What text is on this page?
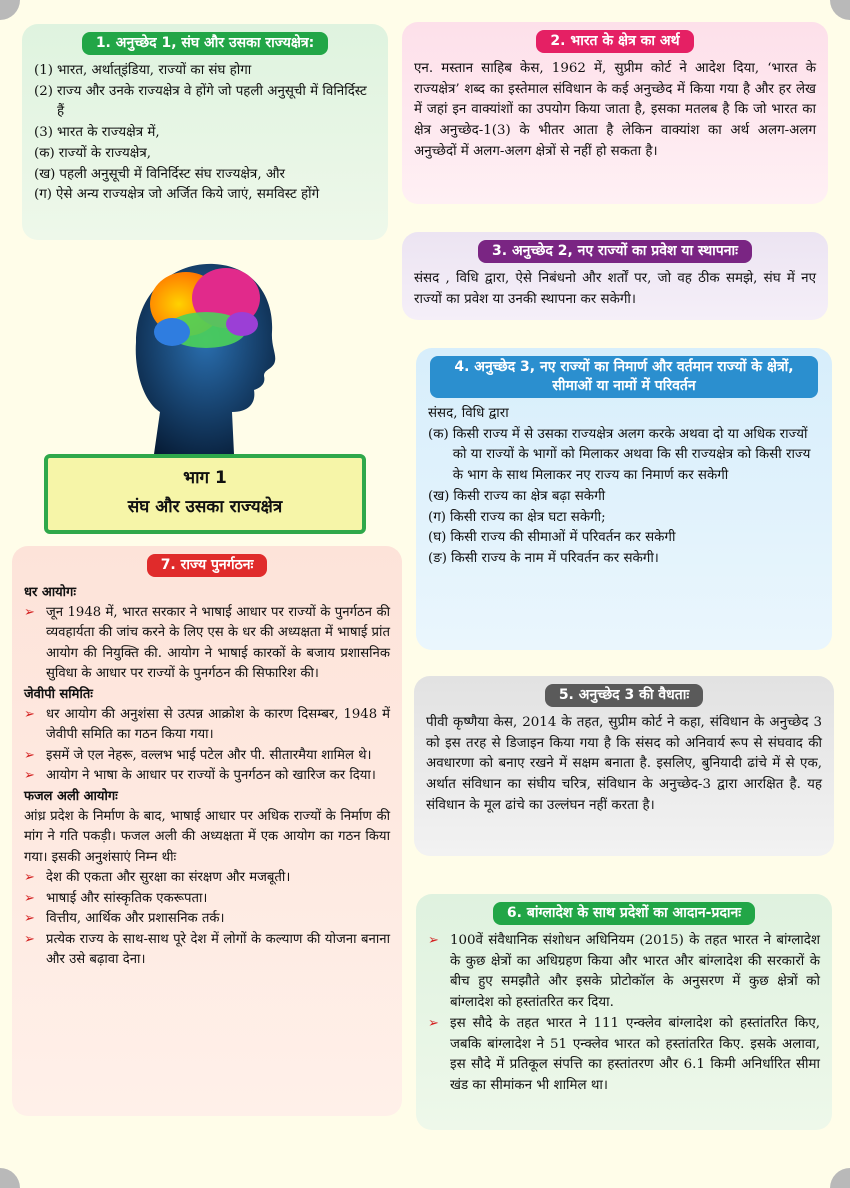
1. अनुच्छेद 1, संघ और उसका राज्यक्षेत्र:
(1) भारत, अर्थात्‌इंडिया, राज्यों का संघ होगा
(2) राज्य और उनके राज्यक्षेत्र वे होंगे जो पहली अनुसूची में विनिर्दिस्ट हैं
(3) भारत के राज्यक्षेत्र में,
(क) राज्यों के राज्यक्षेत्र,
(ख) पहली अनुसूची में विनिर्दिस्ट संघ राज्यक्षेत्र, और
(ग) ऐसे अन्य राज्यक्षेत्र जो अर्जित किये जाएं, समविस्ट होंगे
2. भारत के क्षेत्र का अर्थ

एन. मस्तान साहिब केस, 1962 में, सुप्रीम कोर्ट ने आदेश दिया, ‘भारत के राज्यक्षेत्र’ शब्द का इस्तेमाल संविधान के कई अनुच्छेद में किया गया है और हर लेख में जहां इन वाक्यांशों का उपयोग किया जाता है, इसका मतलब है कि जो भारत का क्षेत्र अनुच्छेद-1(3) के भीतर आता है लेकिन वाक्यांश का अर्थ अलग-अलग अनुच्छेदों में अलग-अलग क्षेत्रों से नहीं हो सकता है।

3. अनुच्छेद 2, नए राज्यों का प्रवेश या स्थापनाः

संसद , विधि द्वारा, ऐसे निबंधनो और शर्तों पर, जो वह ठीक समझे, संघ में नए राज्यों का प्रवेश या उनकी स्थापना कर सकेगी।

भाग 1
संघ और उसका राज्यक्षेत्र
4. अनुच्छेद 3, नए राज्यों का निमार्ण और वर्तमान राज्यों के क्षेत्रों, सीमाओं या नामों में परिवर्तन
संसद, विधि द्वारा
(क) किसी राज्य में से उसका राज्यक्षेत्र अलग करके अथवा दो या अधिक राज्यों को या राज्यों के भागों को मिलाकर अथवा कि सी राज्यक्षेत्र को किसी राज्य के भाग के साथ मिलाकर नए राज्य का निमार्ण कर सकेगी
(ख) किसी राज्य का क्षेत्र बढ़ा सकेगी
(ग) किसी राज्य का क्षेत्र घटा सकेगी;
(घ) किसी राज्य की सीमाओं में परिवर्तन कर सकेगी
(ङ) किसी राज्य के नाम में परिवर्तन कर सकेगी।
7. राज्य पुनर्गठनः
धर आयोगः
➢ जून 1948 में, भारत सरकार ने भाषाई आधार पर राज्यों के पुनर्गठन की व्यवहार्यता की जांच करने के लिए एस के धर की अध्यक्षता में भाषाई प्रांत आयोग की नियुक्ति की. आयोग ने भाषाई कारकों के बजाय प्रशासनिक सुविधा के आधार पर राज्यों के पुनर्गठन की सिफारिश की।
जेवीपी समितिः
➢ धर आयोग की अनुशंसा से उत्पन्न आक्रोश के कारण दिसम्बर, 1948 में जेवीपी समिति का गठन किया गया।
➢ इसमें जे एल नेहरू, वल्लभ भाई पटेल और पी. सीतारमैया शामिल थे।
➢ आयोग ने भाषा के आधार पर राज्यों के पुनर्गठन को खारिज कर दिया।
फजल अली आयोगः

आंध्र प्रदेश के निर्माण के बाद, भाषाई आधार पर अधिक राज्यों के निर्माण की मांग ने गति पकड़ी। फजल अली की अध्यक्षता में एक आयोग का गठन किया गया। इसकी अनुशंसाएं निम्न थीः

➢ देश की एकता और सुरक्षा का संरक्षण और मजबूती।
➢ भाषाई और सांस्कृतिक एकरूपता।
➢ वित्तीय, आर्थिक और प्रशासनिक तर्क।
➢ प्रत्येक राज्य के साथ-साथ पूरे देश में लोगों के कल्याण की योजना बनाना और उसे बढ़ावा देना।
5. अनुच्छेद 3 की वैधताः

पीवी कृष्णैया केस, 2014 के तहत, सुप्रीम कोर्ट ने कहा, संविधान के अनुच्छेद 3 को इस तरह से डिजाइन किया गया है कि संसद को अनिवार्य रूप से संघवाद की अवधारणा को बनाए रखने में सक्षम बनाता है. इसलिए, बुनियादी ढांचे में से एक, अर्थात संविधान का संघीय चरित्र, संविधान के अनुच्छेद-3 द्वारा आरक्षित है. यह संविधान के मूल ढांचे का उल्लंघन नहीं करता है।

6. बांग्लादेश के साथ प्रदेशों का आदान-प्रदानः
➢ 100वें संवैधानिक संशोधन अधिनियम (2015) के तहत भारत ने बांग्लादेश के कुछ क्षेत्रों का अधिग्रहण किया और भारत और बांग्लादेश की सरकारों के बीच हुए समझौते और इसके प्रोटोकॉल के अनुसरण में कुछ क्षेत्रों को बांग्लादेश को हस्तांतरित कर दिया.
➢ इस सौदे के तहत भारत ने 111 एन्क्लेव बांग्लादेश को हस्तांतरित किए, जबकि बांग्लादेश ने 51 एन्क्लेव भारत को हस्तांतरित किए. इसके अलावा, इस सौदे में प्रतिकूल संपत्ति का हस्तांतरण और 6.1 किमी अनिर्धारित सीमा खंड का सीमांकन भी शामिल था।
